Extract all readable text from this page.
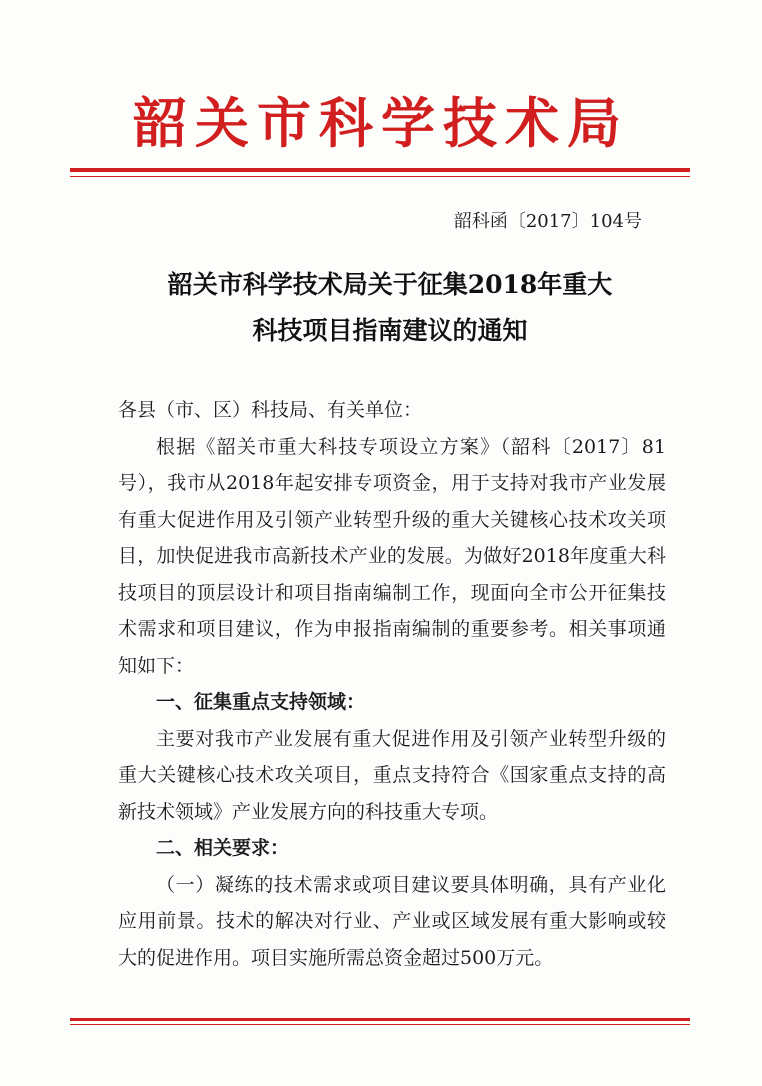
韶关市科学技术局
韶科函〔2017〕104号
韶关市科学技术局关于征集2018年重大
科技项目指南建议的通知

各县（市、区）科技局、有关单位：

根据《韶关市重大科技专项设立方案》（韶科〔2017〕81号），我市从2018年起安排专项资金，用于支持对我市产业发展有重大促进作用及引领产业转型升级的重大关键核心技术攻关项目，加快促进我市高新技术产业的发展。为做好2018年度重大科技项目的顶层设计和项目指南编制工作，现面向全市公开征集技术需求和项目建议，作为申报指南编制的重要参考。相关事项通知如下：

一、征集重点支持领域：

主要对我市产业发展有重大促进作用及引领产业转型升级的重大关键核心技术攻关项目，重点支持符合《国家重点支持的高新技术领域》产业发展方向的科技重大专项。

二、相关要求：

（一）凝练的技术需求或项目建议要具体明确，具有产业化应用前景。技术的解决对行业、产业或区域发展有重大影响或较大的促进作用。项目实施所需总资金超过500万元。
